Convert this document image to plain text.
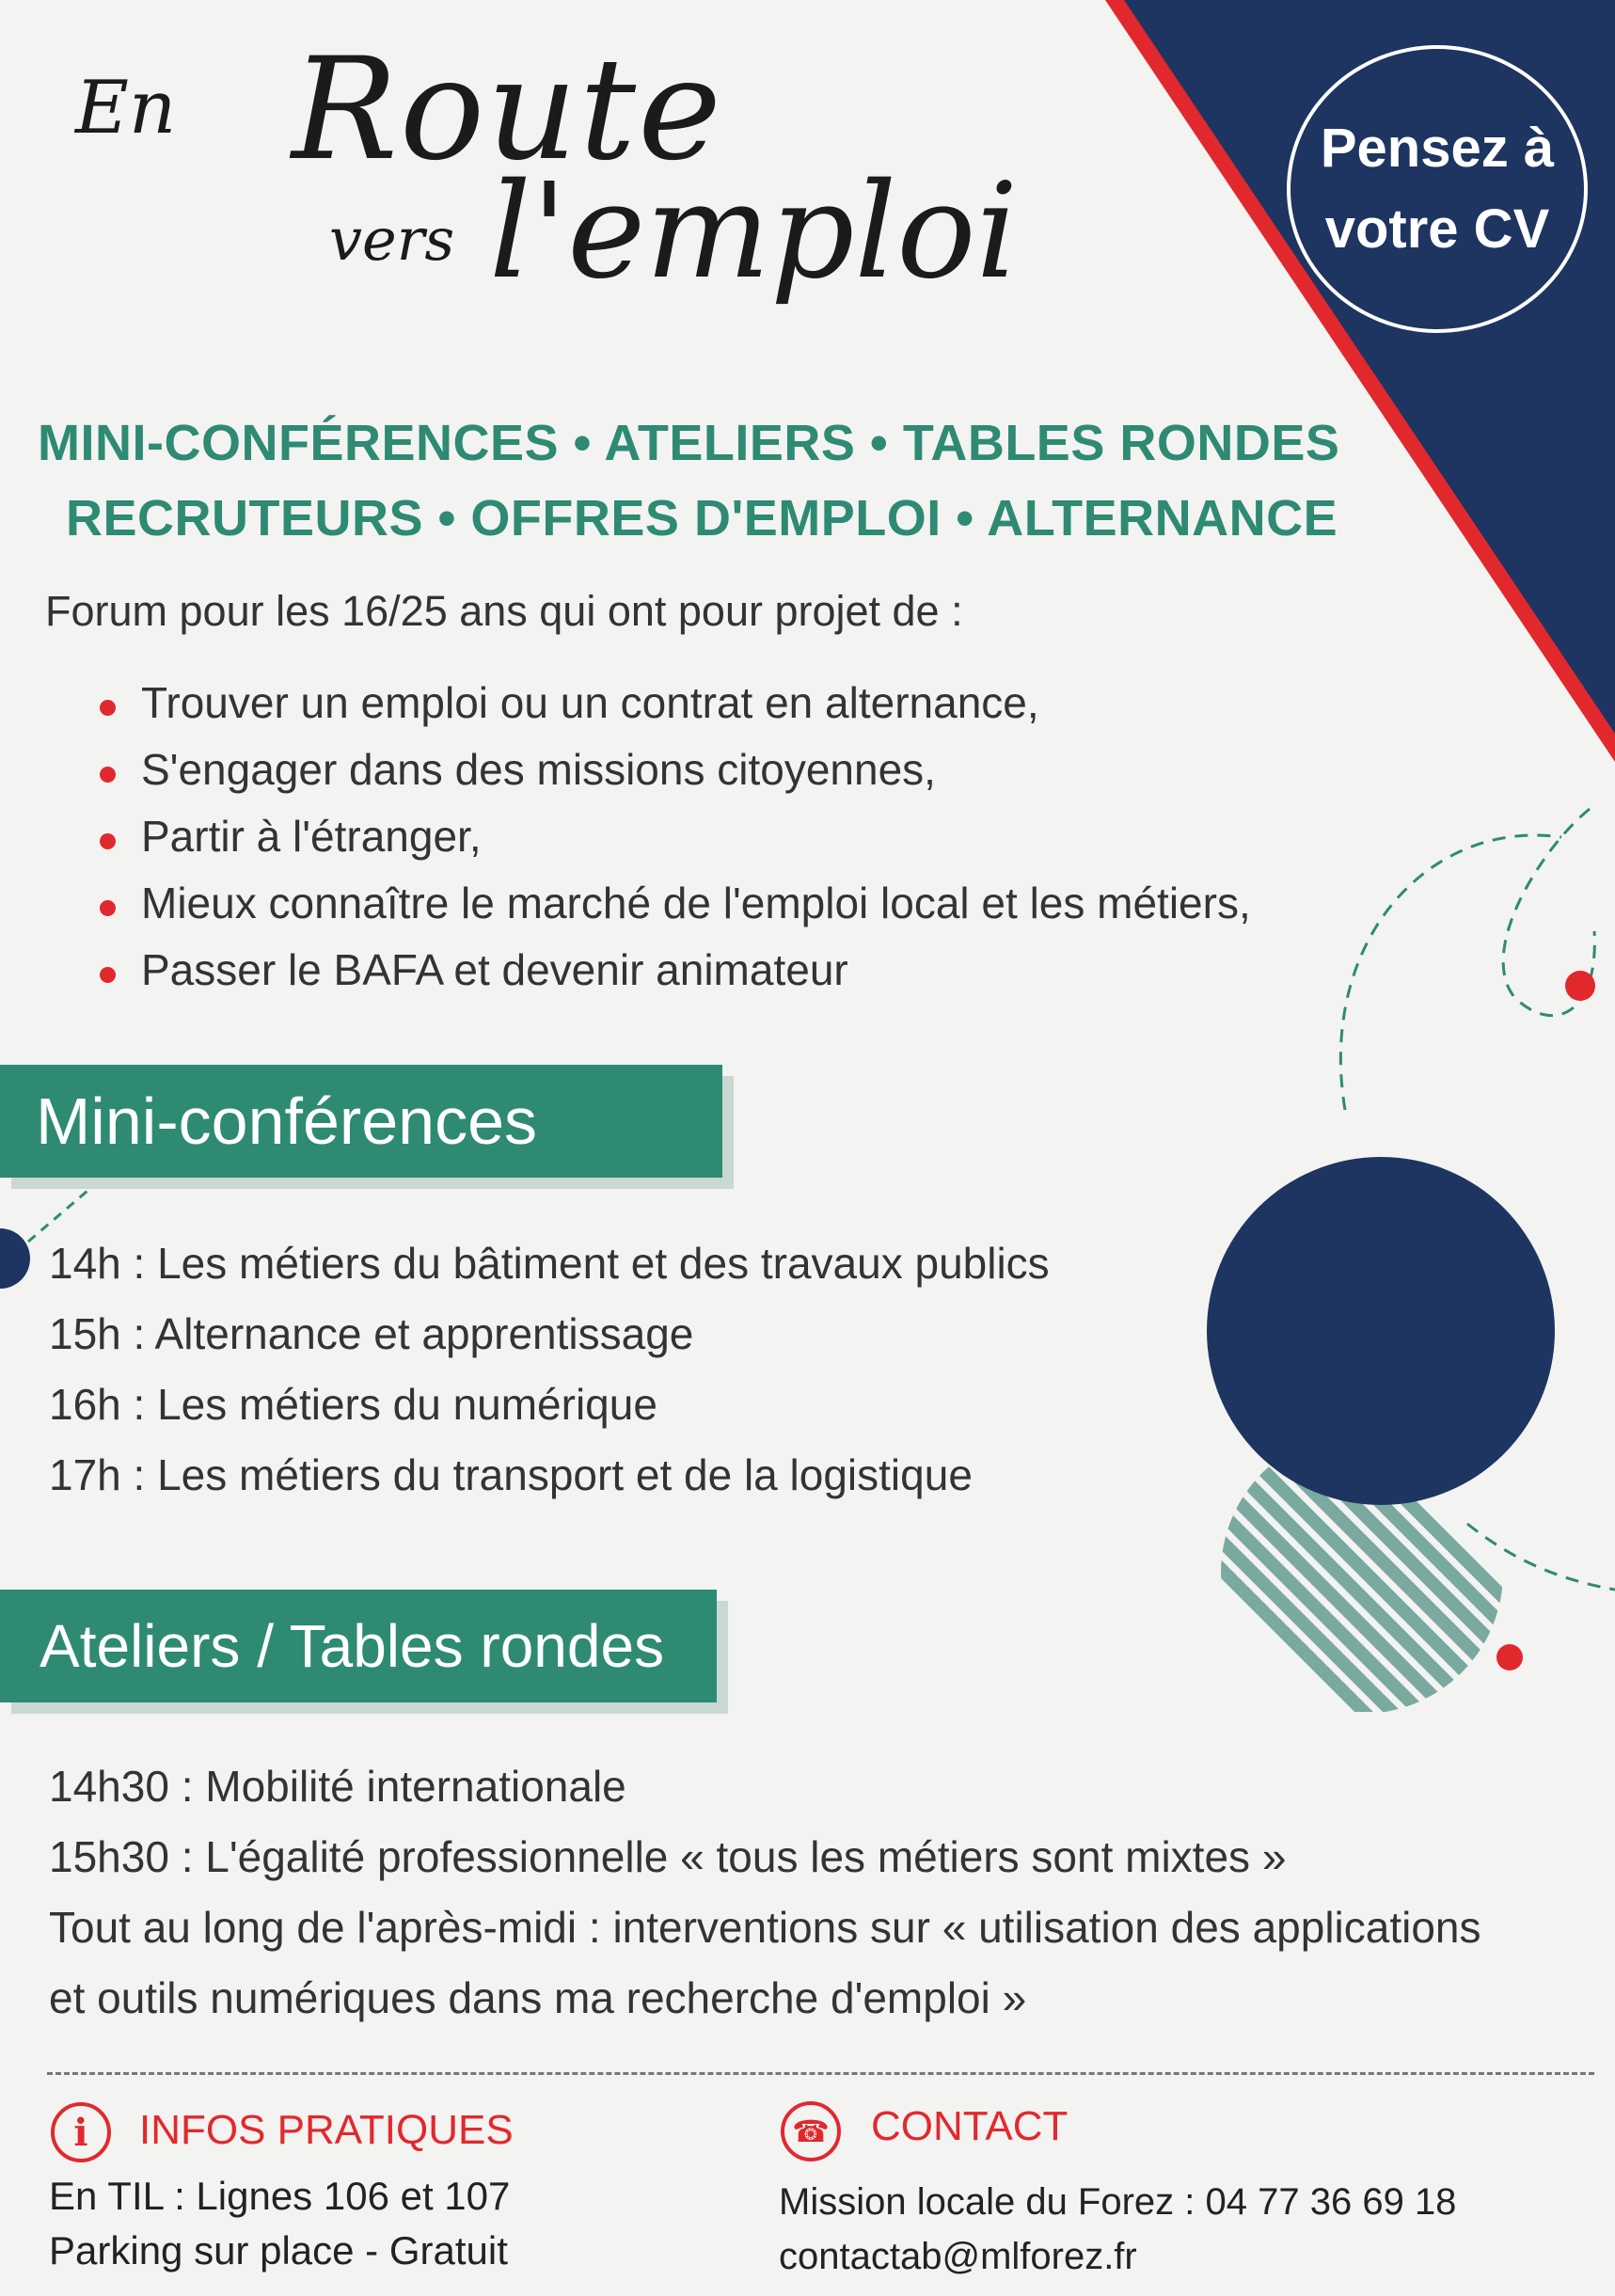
En Route
vers l'emploi
Pensez à
votre CV
MINI-CONFÉRENCES • ATELIERS • TABLES RONDES
RECRUTEURS • OFFRES D'EMPLOI • ALTERNANCE
Forum pour les 16/25 ans qui ont pour projet de :
Trouver un emploi ou un contrat en alternance,
S'engager dans des missions citoyennes,
Partir à l'étranger,
Mieux connaître le marché de l'emploi local et les métiers,
Passer le BAFA et devenir animateur
Mini-conférences
14h : Les métiers du bâtiment et des travaux publics
15h : Alternance et apprentissage
16h : Les métiers du numérique
17h : Les métiers du transport et de la logistique
Ateliers / Tables rondes
14h30 : Mobilité internationale
15h30 : L'égalité professionnelle « tous les métiers sont mixtes »
Tout au long de l'après-midi : interventions sur « utilisation des applications
et outils numériques dans ma recherche d'emploi »
i	INFOS PRATIQUES
En TIL : Lignes 106 et 107
Parking sur place - Gratuit
☎ CONTACT
Mission locale du Forez : 04 77 36 69 18
contactab@mlforez.fr
